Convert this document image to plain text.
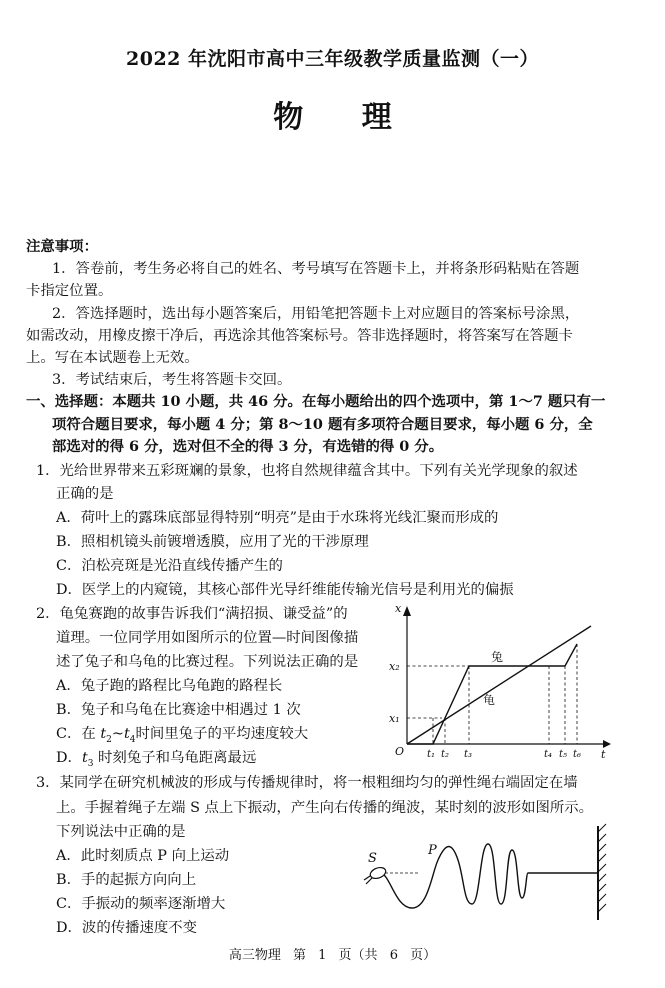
2022 年沈阳市高中三年级教学质量监测（一）
物 理
注意事项：
1．答卷前，考生务必将自己的姓名、考号填写在答题卡上，并将条形码粘贴在答题
卡指定位置。
2．答选择题时，选出每小题答案后，用铅笔把答题卡上对应题目的答案标号涂黑，
如需改动，用橡皮擦干净后，再选涂其他答案标号。答非选择题时，将答案写在答题卡
上。写在本试题卷上无效。
3．考试结束后，考生将答题卡交回。
一、选择题：本题共 10 小题，共 46 分。在每小题给出的四个选项中，第 1～7 题只有一
项符合题目要求，每小题 4 分；第 8～10 题有多项符合题目要求，每小题 6 分，全
部选对的得 6 分，选对但不全的得 3 分，有选错的得 0 分。
1．光给世界带来五彩斑斓的景象，也将自然规律蕴含其中。下列有关光学现象的叙述
正确的是
A．荷叶上的露珠底部显得特别“明亮”是由于水珠将光线汇聚而形成的
B．照相机镜头前镀增透膜，应用了光的干涉原理
C．泊松亮斑是光沿直线传播产生的
D．医学上的内窥镜，其核心部件光导纤维能传输光信号是利用光的偏振
2．龟兔赛跑的故事告诉我们“满招损、谦受益”的
道理。一位同学用如图所示的位置—时间图像描
述了兔子和乌龟的比赛过程。下列说法正确的是
A．兔子跑的路程比乌龟跑的路程长
B．兔子和乌龟在比赛途中相遇过 1 次
C．在 $t_2\sim t_4$时间里兔子的平均速度较大
D．$t_3$ 时刻兔子和乌龟距离最远
x
t
O
x₂
x₁
t₁ t₂ t₃	t₄ t₅ t₆
兔
龟
3．某同学在研究机械波的形成与传播规律时，将一根粗细均匀的弹性绳右端固定在墙
上。手握着绳子左端 S 点上下振动，产生向右传播的绳波，某时刻的波形如图所示。
下列说法中正确的是
A．此时刻质点 P 向上运动
B．手的起振方向向上
C．手振动的频率逐渐增大
D．波的传播速度不变
S
P
高三物理 第 1 页（共 6 页）
